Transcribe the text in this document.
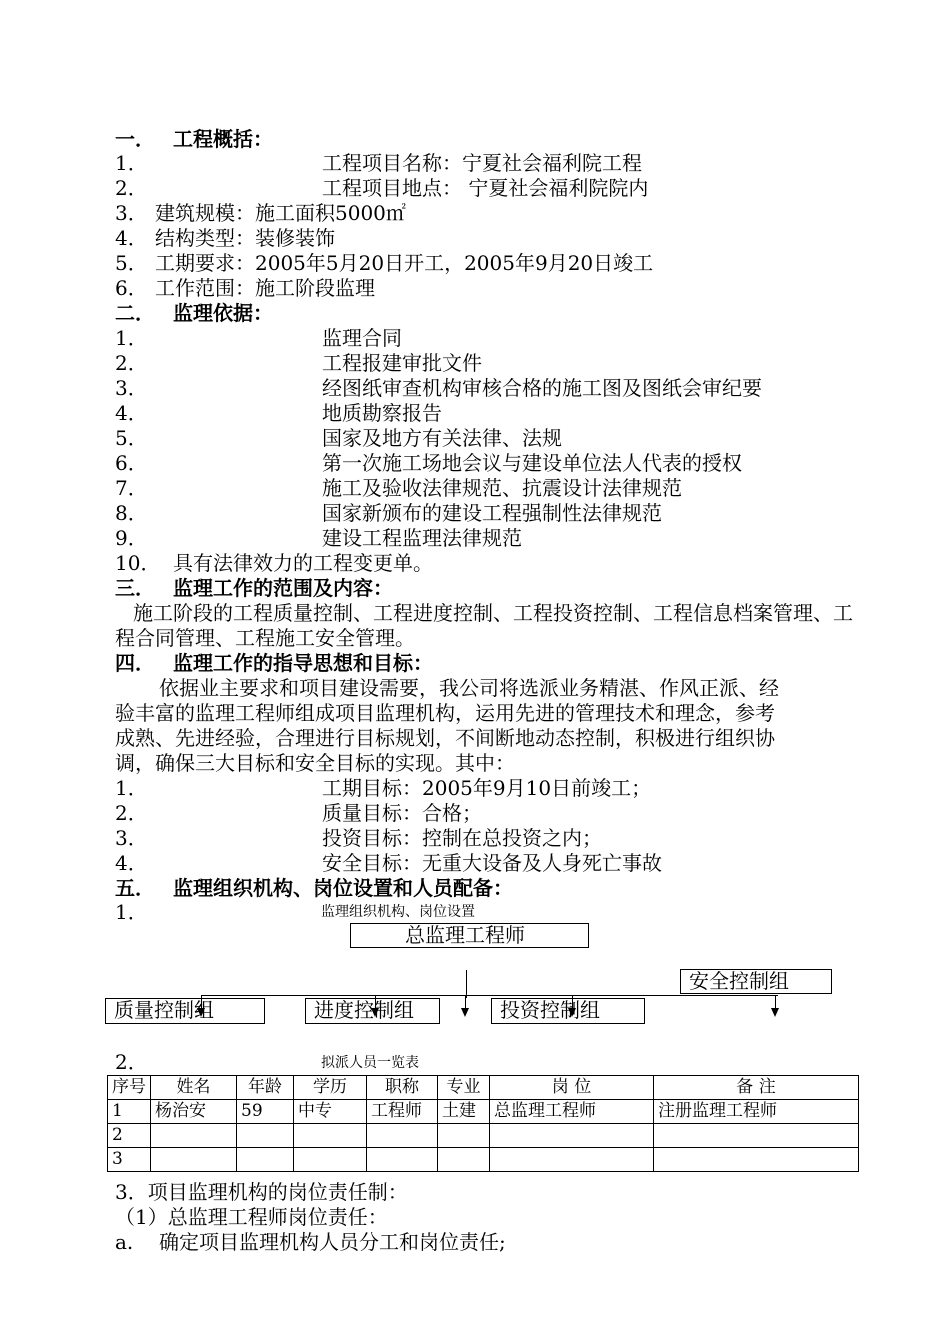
一． 工程概括：
1．	工程项目名称：宁夏社会福利院工程
2．	工程项目地点： 宁夏社会福利院院内
3． 建筑规模：施工面积5000㎡
4． 结构类型：装修装饰
5． 工期要求：2005年5月20日开工，2005年9月20日竣工
6． 工作范围：施工阶段监理
二． 监理依据：
1．	监理合同
2．	工程报建审批文件
3．	经图纸审查机构审核合格的施工图及图纸会审纪要
4．	地质勘察报告
5．	国家及地方有关法律、法规
6．	第一次施工场地会议与建设单位法人代表的授权
7．	施工及验收法律规范、抗震设计法律规范
8．	国家新颁布的建设工程强制性法律规范
9．	建设工程监理法律规范
10． 具有法律效力的工程变更单。
三． 监理工作的范围及内容：
施工阶段的工程质量控制、工程进度控制、工程投资控制、工程信息档案管理、工程合同管理、工程施工安全管理。
四． 监理工作的指导思想和目标：
依据业主要求和项目建设需要，我公司将选派业务精湛、作风正派、经
验丰富的监理工程师组成项目监理机构，运用先进的管理技术和理念，参考
成熟、先进经验，合理进行目标规划，不间断地动态控制，积极进行组织协
调，确保三大目标和安全目标的实现。其中：
1．	工期目标：2005年9月10日前竣工；
2．	质量目标：合格；
3．	投资目标：控制在总投资之内；
4．	安全目标：无重大设备及人身死亡事故
五． 监理组织机构、岗位设置和人员配备：
1．	监理组织机构、岗位设置
总监理工程师
质量控制组	进度控制组	投资控制组
安全控制组
2．	拟派人员一览表
序号	姓名	年龄	学历	职称	专业	岗 位	备 注
1	杨治安	59	中专	工程师	土建	总监理工程师	注册监理工程师
2							
3							
3．项目监理机构的岗位责任制：
（1）总监理工程师岗位责任：
a. 确定项目监理机构人员分工和岗位责任;
